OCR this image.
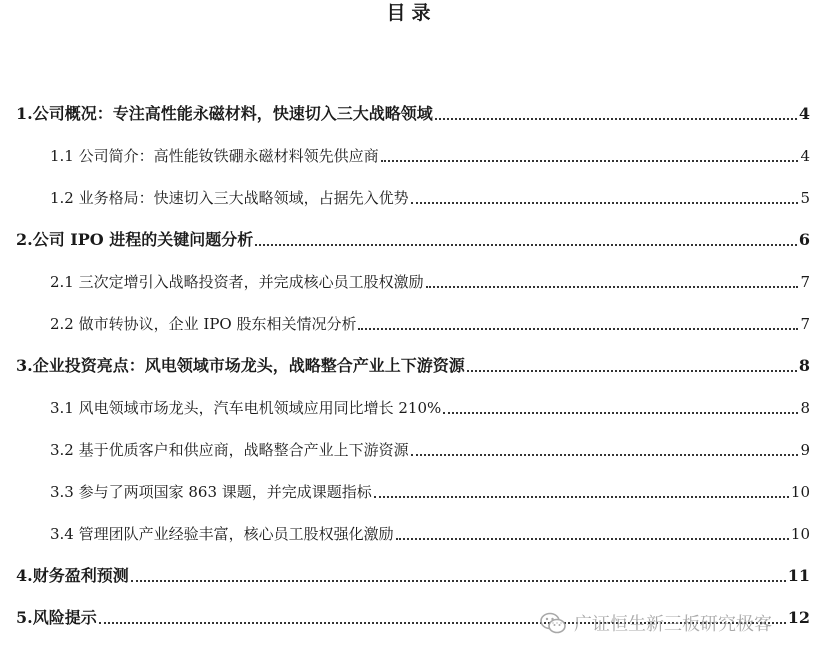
目录
1.公司概况：专注高性能永磁材料，快速切入三大战略领域	4
1.1 公司简介：高性能钕铁硼永磁材料领先供应商	4
1.2 业务格局：快速切入三大战略领域，占据先入优势	5
2.公司 IPO 进程的关键问题分析	6
2.1 三次定增引入战略投资者，并完成核心员工股权激励	7
2.2 做市转协议，企业 IPO 股东相关情况分析	7
3.企业投资亮点：风电领域市场龙头，战略整合产业上下游资源	8
3.1 风电领域市场龙头，汽车电机领域应用同比增长 210%	8
3.2 基于优质客户和供应商，战略整合产业上下游资源	9
3.3 参与了两项国家 863 课题，并完成课题指标	10
3.4 管理团队产业经验丰富，核心员工股权强化激励	10
4.财务盈利预测	11
5.风险提示	12
广证恒生新三板研究极客
